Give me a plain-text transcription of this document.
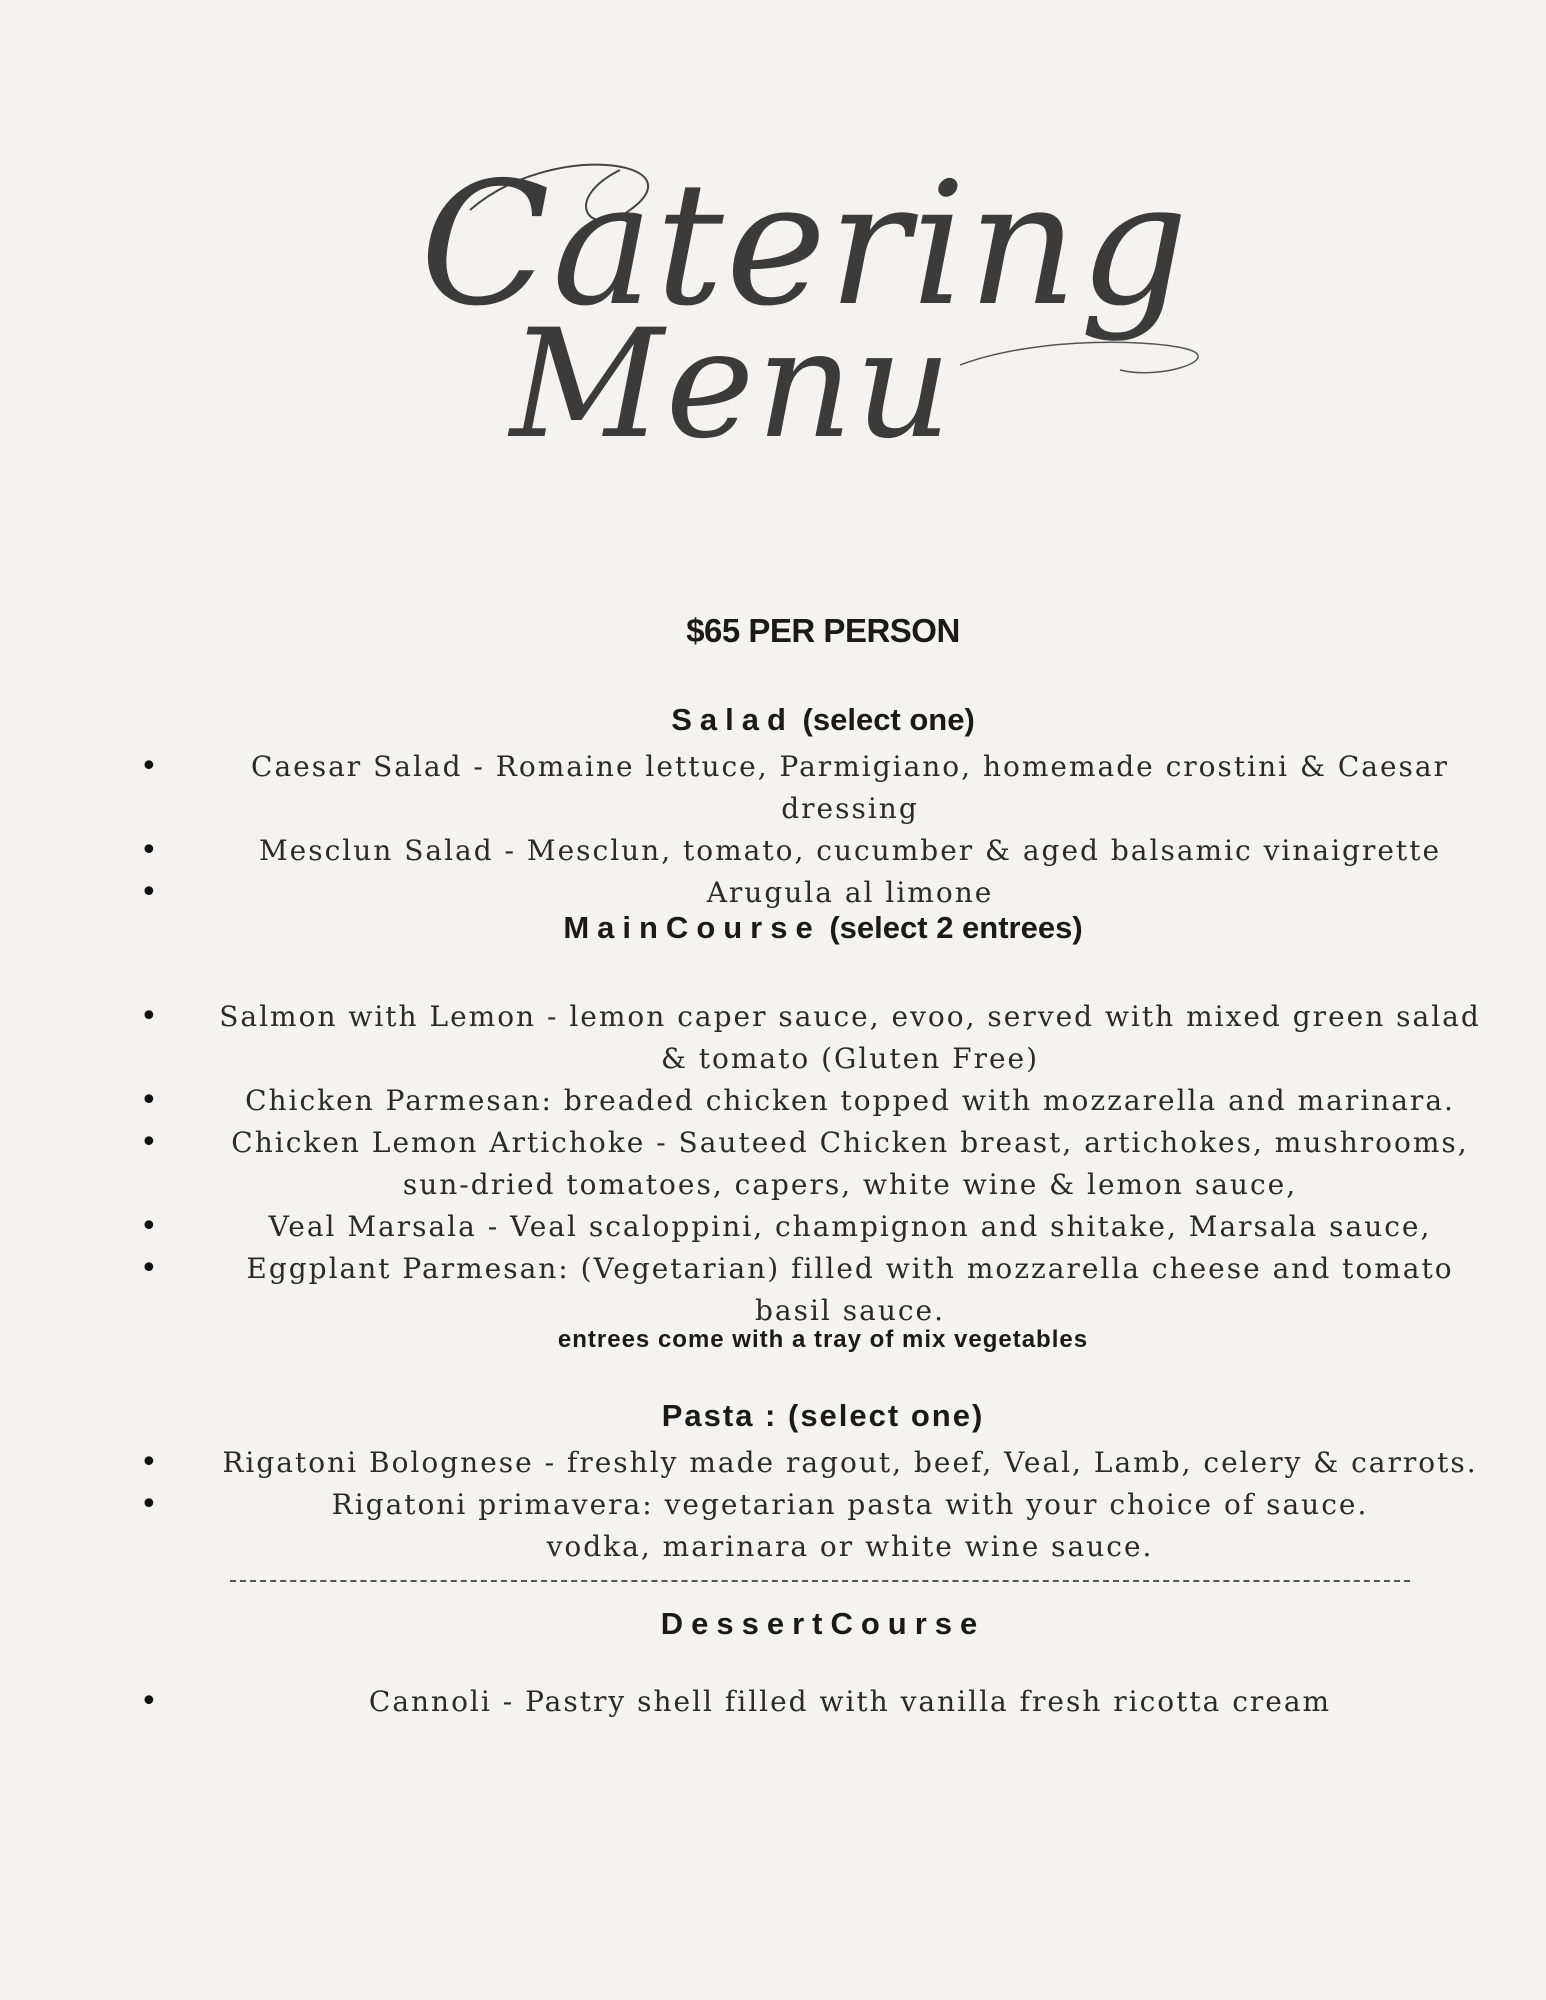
Catering
Menu
$65 PER PERSON
Salad (select one)
•	Caesar Salad - Romaine lettuce, Parmigiano, homemade crostini & Caesar dressing
•	Mesclun Salad - Mesclun, tomato, cucumber & aged balsamic vinaigrette
•	Arugula al limone
MainCourse (select 2 entrees)
•	Salmon with Lemon - lemon caper sauce, evoo, served with mixed green salad & tomato (Gluten Free)
•	Chicken Parmesan: breaded chicken topped with mozzarella and marinara.
•	Chicken Lemon Artichoke - Sauteed Chicken breast, artichokes, mushrooms, sun-dried tomatoes, capers, white wine & lemon sauce,
•	Veal Marsala - Veal scaloppini, champignon and shitake, Marsala sauce,
•	Eggplant Parmesan: (Vegetarian) filled with mozzarella cheese and tomato basil sauce.
entrees come with a tray of mix vegetables
Pasta : (select one)
•	Rigatoni Bolognese - freshly made ragout, beef, Veal, Lamb, celery & carrots.
•	Rigatoni primavera: vegetarian pasta with your choice of sauce.
vodka, marinara or white wine sauce.
DessertCourse
•	Cannoli - Pastry shell filled with vanilla fresh ricotta cream
